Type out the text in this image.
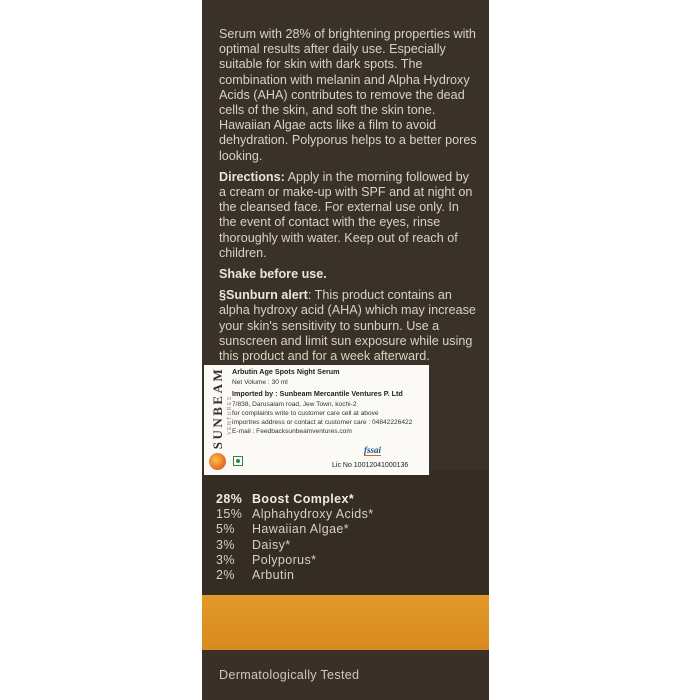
Serum with 28% of brightening properties with optimal results after daily use. Especially suitable for skin with dark spots. The combination with melanin and Alpha Hydroxy Acids (AHA) contributes to remove the dead cells of the skin, and soft the skin tone. Hawaiian Algae acts like a film to avoid dehydration. Polyporus helps to a better pores looking.

Directions: Apply in the morning followed by a cream or make-up with SPF and at night on the cleansed face. For external use only. In the event of contact with the eyes, rinse thoroughly with water. Keep out of reach of children.

Shake before use.

§Sunburn alert: This product contains an alpha hydroxy acid (AHA) which may increase your skin's sensitivity to sunburn. Use a sunscreen and limit sun exposure while using this product and for a week afterward.

SUNBEAM VENTURES
Arbutin Age Spots Night Serum
Net Volume : 30 ml
Imported by : Sunbeam Mercantile Ventures P. Ltd
7/838, Darusalam road, Jew Town, kochi-2
for complaints write to customer care cell at above
importres address or contact at customer care : 04842226422
E-mail : Feedbacksunbeamventures.com
fssai
Lic No 10012041000136
28% Boost Complex*
15% Alphahydroxy Acids*
5%	Hawaiian Algae*
3%	Daisy*
3%	Polyporus*
2%	Arbutin
Dermatologically Tested
